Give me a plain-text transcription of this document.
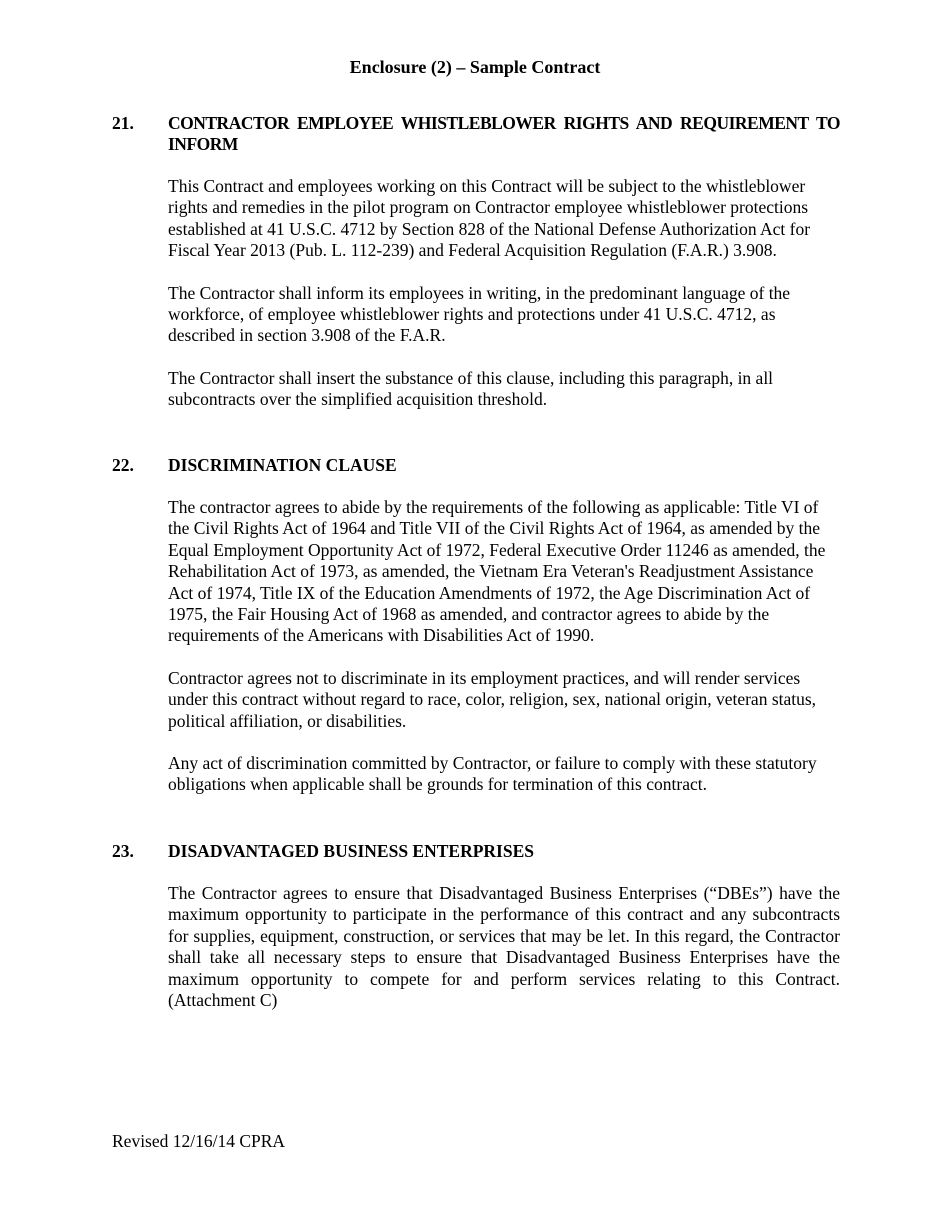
Enclosure (2) – Sample Contract
21.	CONTRACTOR EMPLOYEE WHISTLEBLOWER RIGHTS AND REQUIREMENT TO INFORM

This Contract and employees working on this Contract will be subject to the whistleblower rights and remedies in the pilot program on Contractor employee whistleblower protections established at 41 U.S.C. 4712 by Section 828 of the National Defense Authorization Act for Fiscal Year 2013 (Pub. L. 112-239) and Federal Acquisition Regulation (F.A.R.) 3.908.

The Contractor shall inform its employees in writing, in the predominant language of the workforce, of employee whistleblower rights and protections under 41 U.S.C. 4712, as described in section 3.908 of the F.A.R.

The Contractor shall insert the substance of this clause, including this paragraph, in all subcontracts over the simplified acquisition threshold.

22.	DISCRIMINATION CLAUSE

The contractor agrees to abide by the requirements of the following as applicable: Title VI of the Civil Rights Act of 1964 and Title VII of the Civil Rights Act of 1964, as amended by the Equal Employment Opportunity Act of 1972, Federal Executive Order 11246 as amended, the Rehabilitation Act of 1973, as amended, the Vietnam Era Veteran's Readjustment Assistance Act of 1974, Title IX of the Education Amendments of 1972, the Age Discrimination Act of 1975, the Fair Housing Act of 1968 as amended, and contractor agrees to abide by the requirements of the Americans with Disabilities Act of 1990.

Contractor agrees not to discriminate in its employment practices, and will render services under this contract without regard to race, color, religion, sex, national origin, veteran status, political affiliation, or disabilities.

Any act of discrimination committed by Contractor, or failure to comply with these statutory obligations when applicable shall be grounds for termination of this contract.

23.	DISADVANTAGED BUSINESS ENTERPRISES

The Contractor agrees to ensure that Disadvantaged Business Enterprises (“DBEs”) have the maximum opportunity to participate in the performance of this contract and any subcontracts for supplies, equipment, construction, or services that may be let. In this regard, the Contractor shall take all necessary steps to ensure that Disadvantaged Business Enterprises have the maximum opportunity to compete for and perform services relating to this Contract. (Attachment C)

Revised 12/16/14 CPRA
